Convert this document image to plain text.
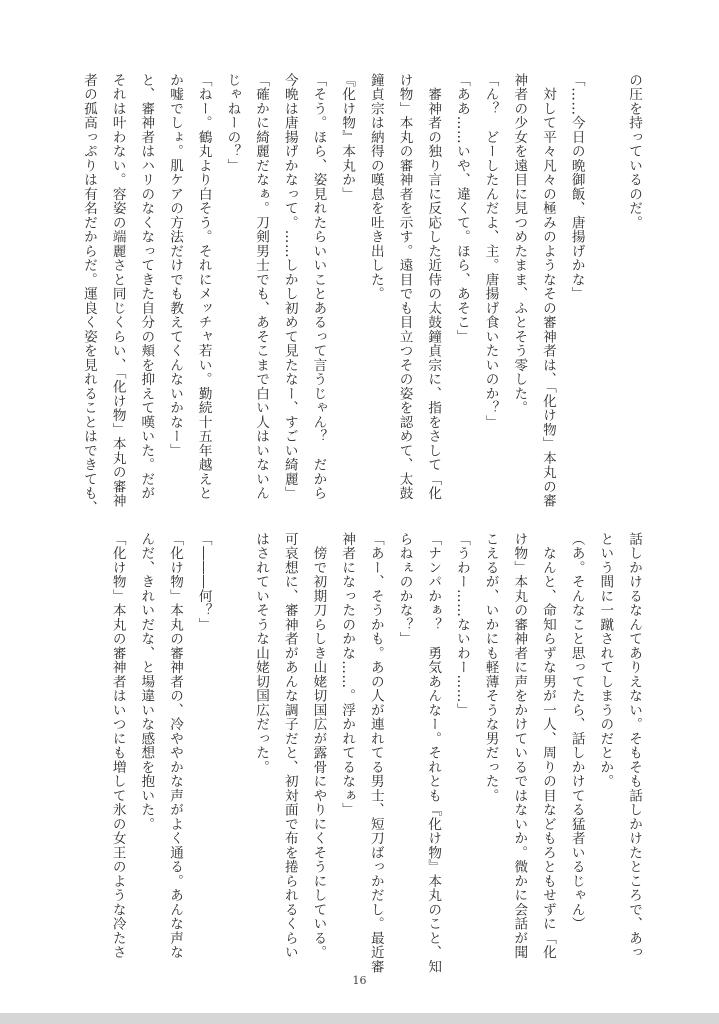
の圧を持っているのだ。
「……今日の晩御飯、唐揚げかな」
　対して平々凡々の極みのようなその審神者は、「化け物」本丸の審
神者の少女を遠目に見つめたまま、ふとそう零した。
「ん？　どーしたんだよ、主。唐揚げ食いたいのか？」
「ああ……いや、違くて。ほら、あそこ」
　審神者の独り言に反応した近侍の太鼓鐘貞宗に、指をさして「化
け物」本丸の審神者を示す。遠目でも目立つその姿を認めて、太鼓
鐘貞宗は納得の嘆息を吐き出した。
『化け物』本丸か」
「そう。ほら、姿見れたらいいことあるって言うじゃん？　だから
今晩は唐揚げかなって。……しかし初めて見たなー、すごい綺麗」
「確かに綺麗だなぁ。刀剣男士でも、あそこまで白い人はいないん
じゃねーの？」
「ねー。鶴丸より白そう。それにメッチャ若い。勤続十五年越えと
か嘘でしょ。肌ケアの方法だけでも教えてくんないかなー」
と、審神者はハリのなくなってきた自分の頬を抑えて嘆いた。だが
それは叶わない。容姿の端麗さと同じくらい、「化け物」本丸の審神
者の孤高っぷりは有名だからだ。運良く姿を見れることはできても、
話しかけるなんてありえない。そもそも話しかけたところで、あっ
という間に一蹴されてしまうのだとか。
（あ。そんなこと思ってたら、話しかけてる猛者いるじゃん）
　なんと、命知らずな男が一人、周りの目などもろともせずに「化
け物」本丸の審神者に声をかけているではないか。微かに会話が聞
こえるが、いかにも軽薄そうな男だった。
「うわー……ないわー……」
「ナンパかぁ？　勇気あんなー。それとも『化け物』本丸のこと、知
らねぇのかな？」
「あー、そうかも。あの人が連れてる男士、短刀ばっかだし。最近審
神者になったのかな……。浮かれてるなぁ」
　傍で初期刀らしき山姥切国広が露骨にやりにくそうにしている。
可哀想に、審神者があんな調子だと、初対面で布を捲られるくらい
はされていそうな山姥切国広だった。
「―――何？」
「化け物」本丸の審神者の、冷ややかな声がよく通る。あんな声な
んだ、きれいだな、と場違いな感想を抱いた。
「化け物」本丸の審神者はいつにも増して氷の女王のような冷たさ
16
